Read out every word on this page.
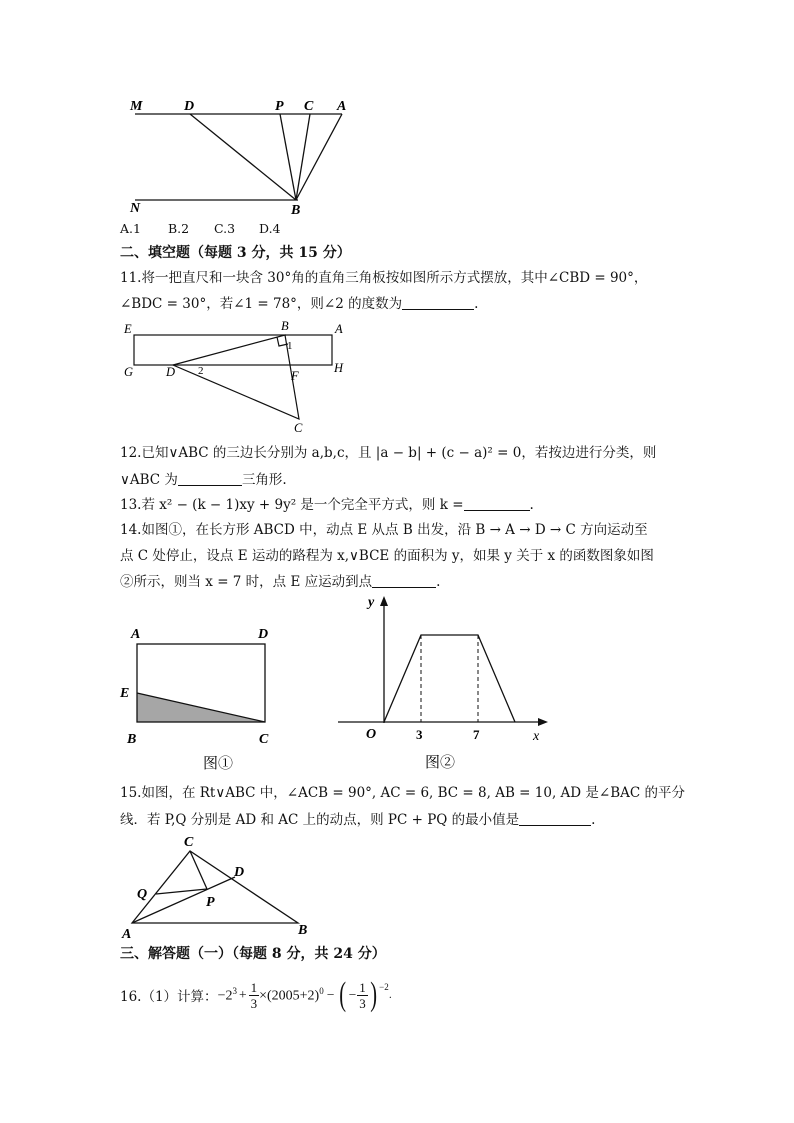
M	D	P C A
N	B
A.1 B.2 C.3 D.4
二、填空题（每题 3 分，共 15 分）
11.将一把直尺和一块含 30°角的直角三角板按如图所示方式摆放，其中∠CBD = 90°，
∠BDC = 30°，若∠1 = 78°，则∠2 的度数为	.
E	B	A
G	D	H
F
C
1
2
12.已知∨ABC 的三边长分别为 a,b,c，且 |a − b| + (c − a)² = 0，若按边进行分类，则
∨ABC 为	三角形.
13.若 x² − (k − 1)xy + 9y² 是一个完全平方式，则 k =	.
14.如图①，在长方形 ABCD 中，动点 E 从点 B 出发，沿 B → A → D → C 方向运动至
点 C 处停止，设点 E 运动的路程为 x,∨BCE 的面积为 y，如果 y 关于 x 的函数图象如图
②所示，则当 x = 7 时，点 E 应运动到点	.
A	D
E
B	C
图①
y
O	x
3	7
图②
15.如图，在 Rt∨ABC 中，∠ACB = 90°, AC = 6, BC = 8, AB = 10, AD 是∠BAC 的平分
线．若 P,Q 分别是 AD 和 AC 上的动点，则 PC + PQ 的最小值是	.
C
D
Q
P
A	B
三、解答题（一）（每题 8 分，共 24 分）
16.（1）计算： $-2^3 + \frac{1}{3} \times(2005+2)^0$ − ( − $\frac{1}{3}$ ) −2
.
